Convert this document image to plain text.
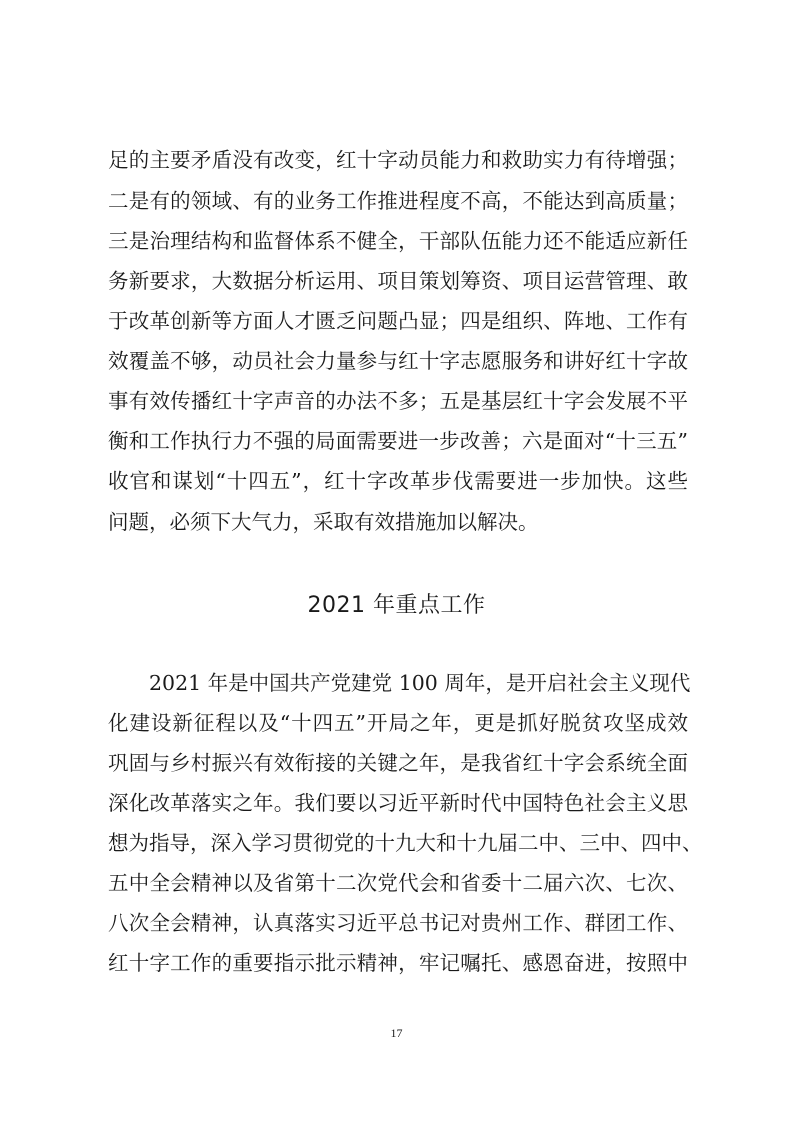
足的主要矛盾没有改变，红十字动员能力和救助实力有待增强；
二是有的领域、有的业务工作推进程度不高，不能达到高质量；
三是治理结构和监督体系不健全，干部队伍能力还不能适应新任
务新要求，大数据分析运用、项目策划筹资、项目运营管理、敢
于改革创新等方面人才匮乏问题凸显；四是组织、阵地、工作有
效覆盖不够，动员社会力量参与红十字志愿服务和讲好红十字故
事有效传播红十字声音的办法不多；五是基层红十字会发展不平
衡和工作执行力不强的局面需要进一步改善；六是面对“十三五”
收官和谋划“十四五”，红十字改革步伐需要进一步加快。这些
问题，必须下大气力，采取有效措施加以解决。
2021 年重点工作
2021 年是中国共产党建党 100 周年，是开启社会主义现代
化建设新征程以及“十四五”开局之年，更是抓好脱贫攻坚成效
巩固与乡村振兴有效衔接的关键之年，是我省红十字会系统全面
深化改革落实之年。我们要以习近平新时代中国特色社会主义思
想为指导，深入学习贯彻党的十九大和十九届二中、三中、四中、
五中全会精神以及省第十二次党代会和省委十二届六次、七次、
八次全会精神，认真落实习近平总书记对贵州工作、群团工作、
红十字工作的重要指示批示精神，牢记嘱托、感恩奋进，按照中
17
